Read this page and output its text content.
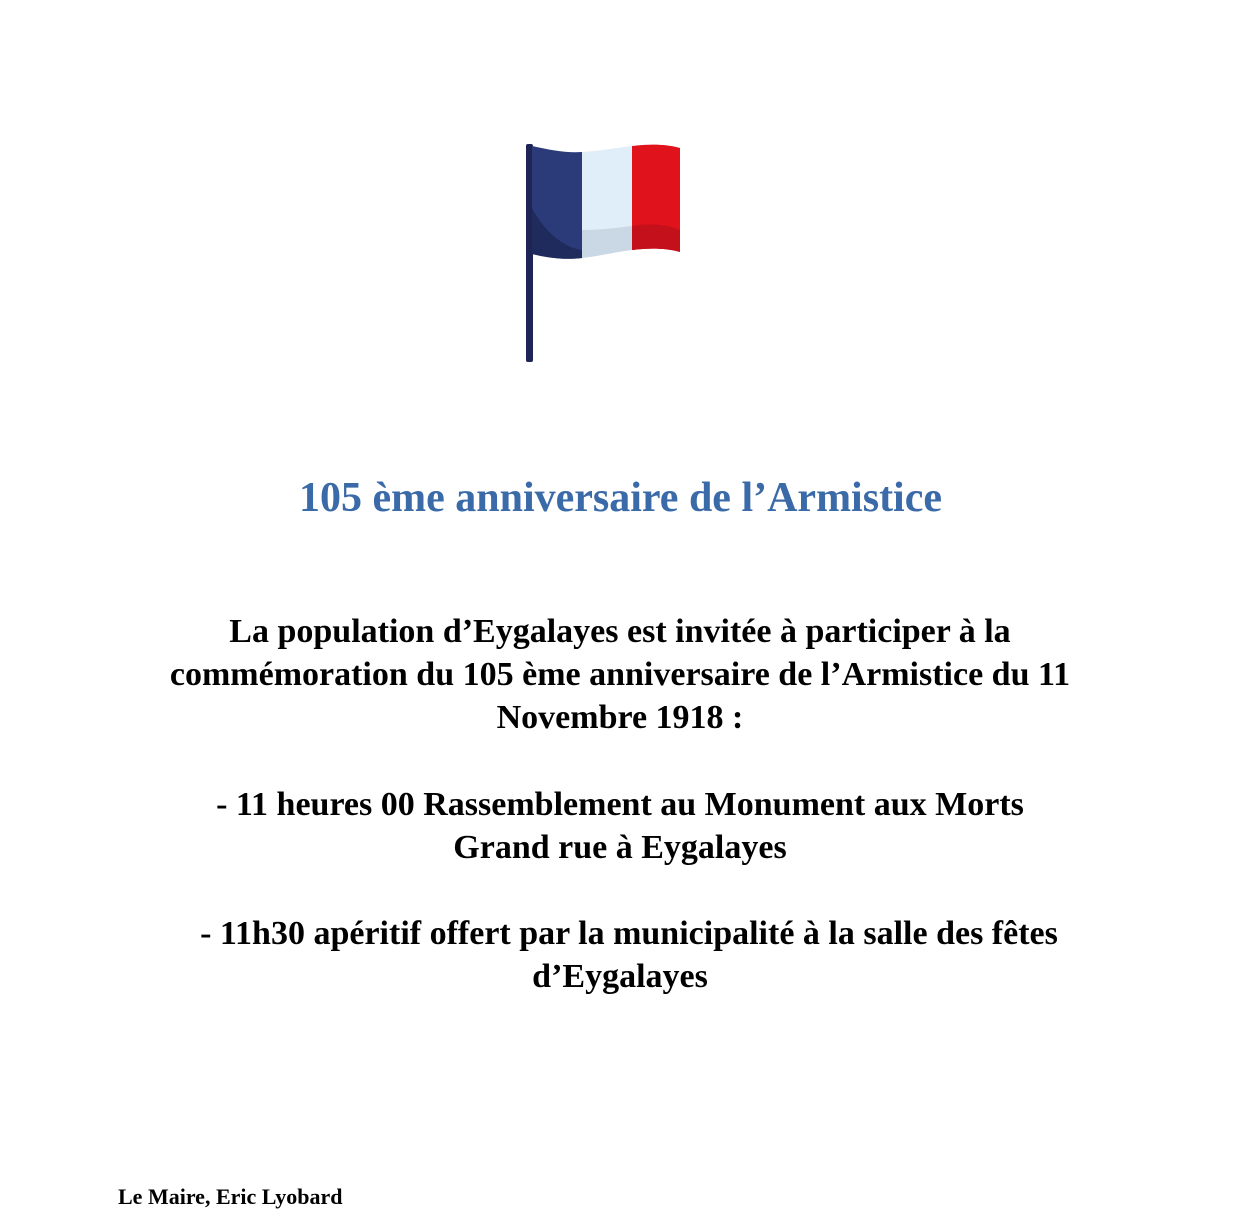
105 ème anniversaire de l’Armistice

La population d’Eygalayes est invitée à participer à la

commémoration du 105 ème anniversaire de l’Armistice du 11

Novembre 1918 :

- 11 heures 00 Rassemblement au Monument aux Morts
Grand rue à Eygalayes
- 11h30 apéritif offert par la municipalité à la salle des fêtes
d’Eygalayes
Le Maire, Eric Lyobard
